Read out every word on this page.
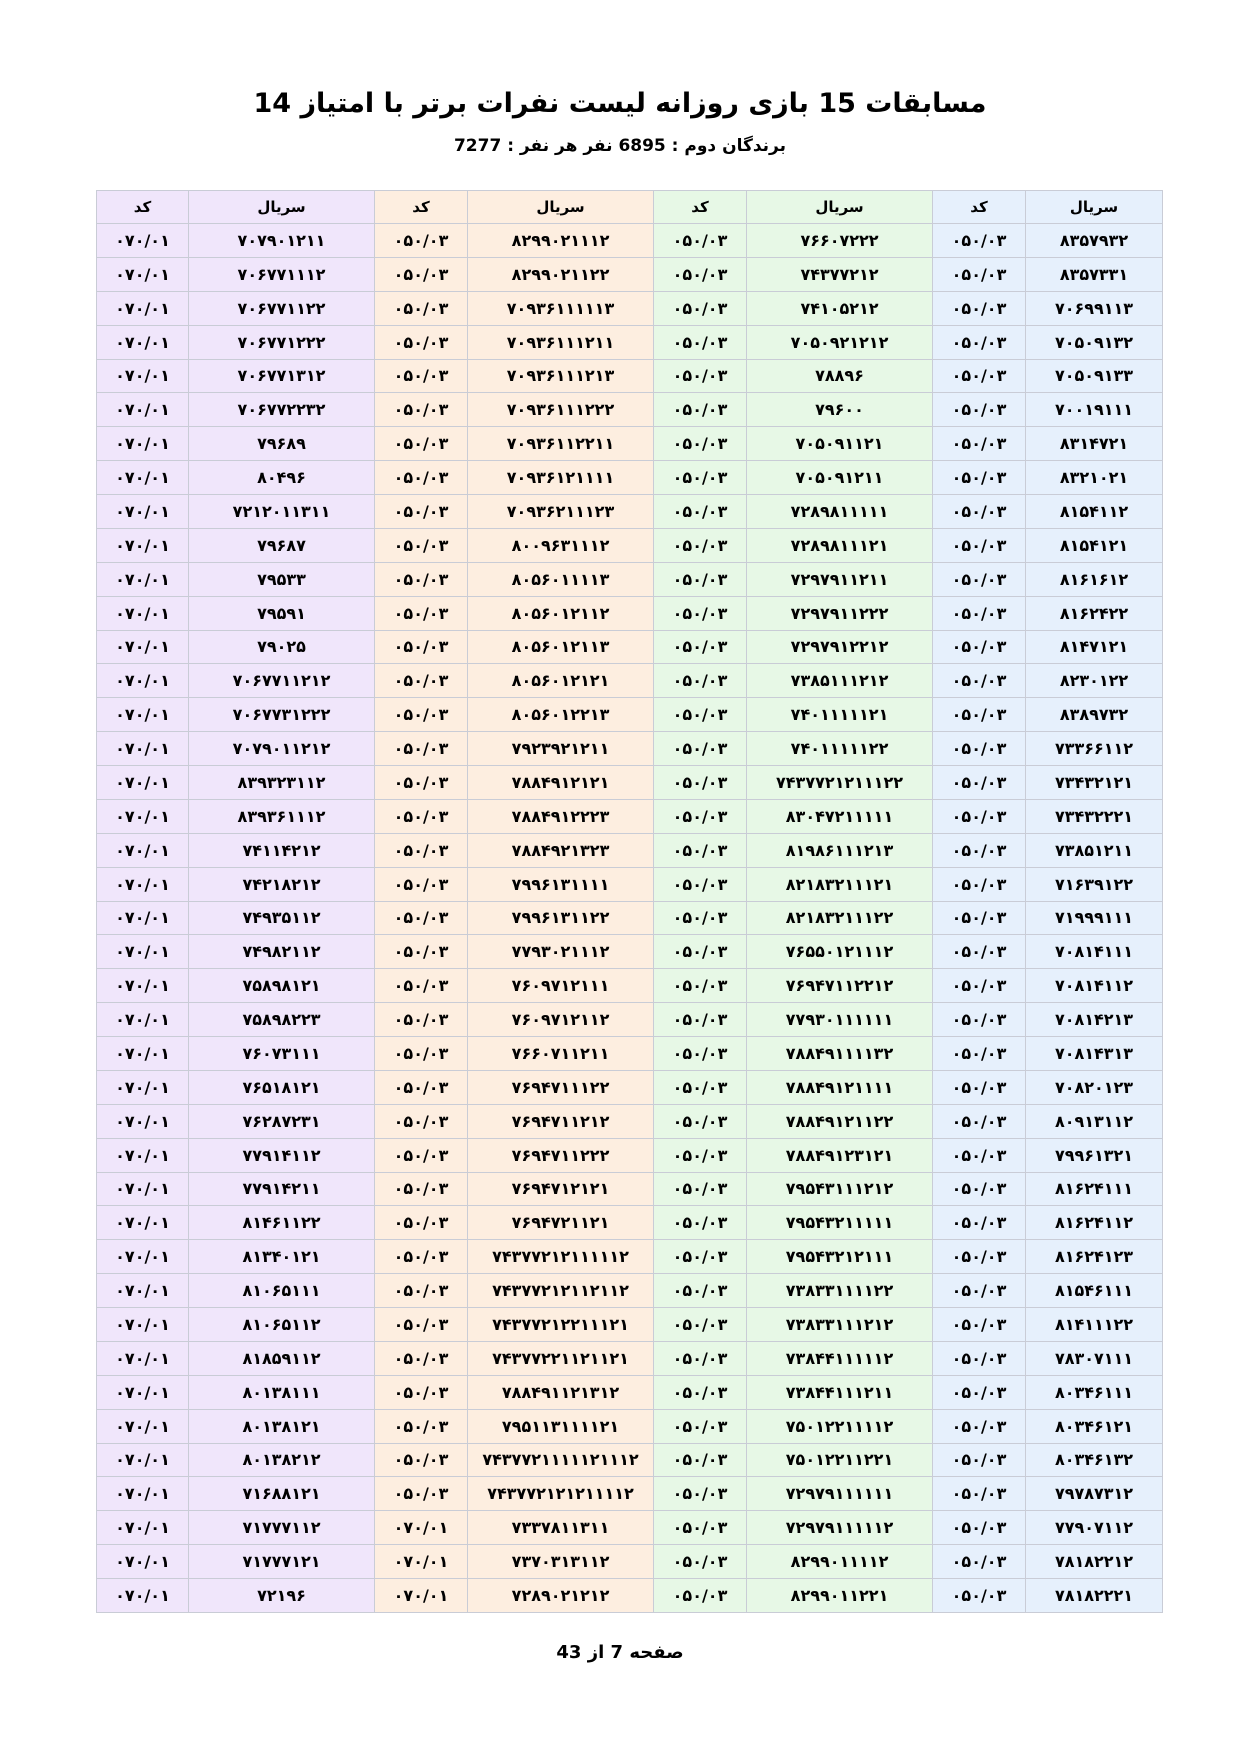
مسابقات 15 بازی روزانه لیست نفرات برتر با امتیاز 14
برندگان دوم : 6895 نفر هر نفر : 7277
سریال
۸۳۵۷۹۳۲
۸۳۵۷۳۳۱
۷۰۶۹۹۱۱۳
۷۰۵۰۹۱۳۲
۷۰۵۰۹۱۳۳
۷۰۰۱۹۱۱۱
۸۳۱۴۷۲۱
۸۳۲۱۰۲۱
۸۱۵۴۱۱۲
۸۱۵۴۱۲۱
۸۱۶۱۶۱۲
۸۱۶۲۴۲۲
۸۱۴۷۱۲۱
۸۲۳۰۱۲۲
۸۳۸۹۷۳۲
۷۳۳۶۶۱۱۲
۷۳۴۳۲۱۲۱
۷۳۴۳۲۲۲۱
۷۳۸۵۱۲۱۱
۷۱۶۳۹۱۲۲
۷۱۹۹۹۱۱۱
۷۰۸۱۴۱۱۱
۷۰۸۱۴۱۱۲
۷۰۸۱۴۲۱۳
۷۰۸۱۴۳۱۳
۷۰۸۲۰۱۲۳
۸۰۹۱۳۱۱۲
۷۹۹۶۱۳۲۱
۸۱۶۲۴۱۱۱
۸۱۶۲۴۱۱۲
۸۱۶۲۴۱۲۳
۸۱۵۴۶۱۱۱
۸۱۴۱۱۱۲۲
۷۸۳۰۷۱۱۱
۸۰۳۴۶۱۱۱
۸۰۳۴۶۱۲۱
۸۰۳۴۶۱۳۲
۷۹۷۸۷۳۱۲
۷۷۹۰۷۱۱۲
۷۸۱۸۲۲۱۲
۷۸۱۸۲۲۲۱
کد
۰۵۰/۰۳
۰۵۰/۰۳
۰۵۰/۰۳
۰۵۰/۰۳
۰۵۰/۰۳
۰۵۰/۰۳
۰۵۰/۰۳
۰۵۰/۰۳
۰۵۰/۰۳
۰۵۰/۰۳
۰۵۰/۰۳
۰۵۰/۰۳
۰۵۰/۰۳
۰۵۰/۰۳
۰۵۰/۰۳
۰۵۰/۰۳
۰۵۰/۰۳
۰۵۰/۰۳
۰۵۰/۰۳
۰۵۰/۰۳
۰۵۰/۰۳
۰۵۰/۰۳
۰۵۰/۰۳
۰۵۰/۰۳
۰۵۰/۰۳
۰۵۰/۰۳
۰۵۰/۰۳
۰۵۰/۰۳
۰۵۰/۰۳
۰۵۰/۰۳
۰۵۰/۰۳
۰۵۰/۰۳
۰۵۰/۰۳
۰۵۰/۰۳
۰۵۰/۰۳
۰۵۰/۰۳
۰۵۰/۰۳
۰۵۰/۰۳
۰۵۰/۰۳
۰۵۰/۰۳
۰۵۰/۰۳
سریال
۷۶۶۰۷۲۲۲
۷۴۳۷۷۲۱۲
۷۴۱۰۵۲۱۲
۷۰۵۰۹۲۱۲۱۲
۷۸۸۹۶
۷۹۶۰۰
۷۰۵۰۹۱۱۲۱
۷۰۵۰۹۱۲۱۱
۷۲۸۹۸۱۱۱۱۱
۷۲۸۹۸۱۱۱۲۱
۷۲۹۷۹۱۱۲۱۱
۷۲۹۷۹۱۱۲۲۲
۷۲۹۷۹۱۲۲۱۲
۷۳۸۵۱۱۱۲۱۲
۷۴۰۱۱۱۱۱۲۱
۷۴۰۱۱۱۱۱۲۲
۷۴۳۷۷۲۱۲۱۱۱۲۲
۸۳۰۴۷۲۱۱۱۱۱
۸۱۹۸۶۱۱۱۲۱۳
۸۲۱۸۳۲۱۱۱۲۱
۸۲۱۸۳۲۱۱۱۲۲
۷۶۵۵۰۱۲۱۱۱۲
۷۶۹۴۷۱۱۲۲۱۲
۷۷۹۳۰۱۱۱۱۱۱
۷۸۸۴۹۱۱۱۱۳۲
۷۸۸۴۹۱۲۱۱۱۱
۷۸۸۴۹۱۲۱۱۲۲
۷۸۸۴۹۱۲۳۱۲۱
۷۹۵۴۳۱۱۱۲۱۲
۷۹۵۴۳۲۱۱۱۱۱
۷۹۵۴۳۲۱۲۱۱۱
۷۳۸۳۳۱۱۱۱۲۲
۷۳۸۳۳۱۱۱۲۱۲
۷۳۸۴۴۱۱۱۱۱۲
۷۳۸۴۴۱۱۱۲۱۱
۷۵۰۱۲۲۱۱۱۱۲
۷۵۰۱۲۲۱۱۲۲۱
۷۲۹۷۹۱۱۱۱۱۱
۷۲۹۷۹۱۱۱۱۱۲
۸۲۹۹۰۱۱۱۱۲
۸۲۹۹۰۱۱۲۲۱
کد
۰۵۰/۰۳
۰۵۰/۰۳
۰۵۰/۰۳
۰۵۰/۰۳
۰۵۰/۰۳
۰۵۰/۰۳
۰۵۰/۰۳
۰۵۰/۰۳
۰۵۰/۰۳
۰۵۰/۰۳
۰۵۰/۰۳
۰۵۰/۰۳
۰۵۰/۰۳
۰۵۰/۰۳
۰۵۰/۰۳
۰۵۰/۰۳
۰۵۰/۰۳
۰۵۰/۰۳
۰۵۰/۰۳
۰۵۰/۰۳
۰۵۰/۰۳
۰۵۰/۰۳
۰۵۰/۰۳
۰۵۰/۰۳
۰۵۰/۰۳
۰۵۰/۰۳
۰۵۰/۰۳
۰۵۰/۰۳
۰۵۰/۰۳
۰۵۰/۰۳
۰۵۰/۰۳
۰۵۰/۰۳
۰۵۰/۰۳
۰۵۰/۰۳
۰۵۰/۰۳
۰۵۰/۰۳
۰۵۰/۰۳
۰۵۰/۰۳
۰۵۰/۰۳
۰۵۰/۰۳
۰۵۰/۰۳
سریال
۸۲۹۹۰۲۱۱۱۲
۸۲۹۹۰۲۱۱۲۲
۷۰۹۳۶۱۱۱۱۱۳
۷۰۹۳۶۱۱۱۲۱۱
۷۰۹۳۶۱۱۱۲۱۳
۷۰۹۳۶۱۱۱۲۲۲
۷۰۹۳۶۱۱۲۲۱۱
۷۰۹۳۶۱۲۱۱۱۱
۷۰۹۳۶۲۱۱۱۲۳
۸۰۰۹۶۳۱۱۱۲
۸۰۵۶۰۱۱۱۱۳
۸۰۵۶۰۱۲۱۱۲
۸۰۵۶۰۱۲۱۱۳
۸۰۵۶۰۱۲۱۲۱
۸۰۵۶۰۱۲۲۱۳
۷۹۲۳۹۲۱۲۱۱
۷۸۸۴۹۱۲۱۲۱
۷۸۸۴۹۱۲۲۲۳
۷۸۸۴۹۲۱۳۲۳
۷۹۹۶۱۳۱۱۱۱
۷۹۹۶۱۳۱۱۲۲
۷۷۹۳۰۲۱۱۱۲
۷۶۰۹۷۱۲۱۱۱
۷۶۰۹۷۱۲۱۱۲
۷۶۶۰۷۱۱۲۱۱
۷۶۹۴۷۱۱۱۲۲
۷۶۹۴۷۱۱۲۱۲
۷۶۹۴۷۱۱۲۲۲
۷۶۹۴۷۱۲۱۲۱
۷۶۹۴۷۲۱۱۲۱
۷۴۳۷۷۲۱۲۱۱۱۱۱۲
۷۴۳۷۷۲۱۲۱۱۲۱۱۲
۷۴۳۷۷۲۱۲۲۱۱۱۲۱
۷۴۳۷۷۲۲۱۱۲۱۱۲۱
۷۸۸۴۹۱۱۲۱۳۱۲
۷۹۵۱۱۳۱۱۱۱۲۱
۷۴۳۷۷۲۱۱۱۱۱۲۱۱۱۲
۷۴۳۷۷۲۱۲۱۲۱۱۱۱۲
۷۳۳۷۸۱۱۳۱۱
۷۳۷۰۳۱۳۱۱۲
۷۲۸۹۰۲۱۲۱۲
کد
۰۵۰/۰۳
۰۵۰/۰۳
۰۵۰/۰۳
۰۵۰/۰۳
۰۵۰/۰۳
۰۵۰/۰۳
۰۵۰/۰۳
۰۵۰/۰۳
۰۵۰/۰۳
۰۵۰/۰۳
۰۵۰/۰۳
۰۵۰/۰۳
۰۵۰/۰۳
۰۵۰/۰۳
۰۵۰/۰۳
۰۵۰/۰۳
۰۵۰/۰۳
۰۵۰/۰۳
۰۵۰/۰۳
۰۵۰/۰۳
۰۵۰/۰۳
۰۵۰/۰۳
۰۵۰/۰۳
۰۵۰/۰۳
۰۵۰/۰۳
۰۵۰/۰۳
۰۵۰/۰۳
۰۵۰/۰۳
۰۵۰/۰۳
۰۵۰/۰۳
۰۵۰/۰۳
۰۵۰/۰۳
۰۵۰/۰۳
۰۵۰/۰۳
۰۵۰/۰۳
۰۵۰/۰۳
۰۵۰/۰۳
۰۵۰/۰۳
۰۷۰/۰۱
۰۷۰/۰۱
۰۷۰/۰۱
سریال
۷۰۷۹۰۱۲۱۱
۷۰۶۷۷۱۱۱۲
۷۰۶۷۷۱۱۲۲
۷۰۶۷۷۱۲۲۲
۷۰۶۷۷۱۳۱۲
۷۰۶۷۷۲۲۳۲
۷۹۶۸۹
۸۰۴۹۶
۷۲۱۲۰۱۱۳۱۱
۷۹۶۸۷
۷۹۵۳۳
۷۹۵۹۱
۷۹۰۲۵
۷۰۶۷۷۱۱۲۱۲
۷۰۶۷۷۳۱۲۲۲
۷۰۷۹۰۱۱۲۱۲
۸۳۹۳۲۳۱۱۲
۸۳۹۳۶۱۱۱۲
۷۴۱۱۴۲۱۲
۷۴۲۱۸۲۱۲
۷۴۹۳۵۱۱۲
۷۴۹۸۲۱۱۲
۷۵۸۹۸۱۲۱
۷۵۸۹۸۲۲۳
۷۶۰۷۳۱۱۱
۷۶۵۱۸۱۲۱
۷۶۲۸۷۲۳۱
۷۷۹۱۴۱۱۲
۷۷۹۱۴۲۱۱
۸۱۴۶۱۱۲۲
۸۱۳۴۰۱۲۱
۸۱۰۶۵۱۱۱
۸۱۰۶۵۱۱۲
۸۱۸۵۹۱۱۲
۸۰۱۳۸۱۱۱
۸۰۱۳۸۱۲۱
۸۰۱۳۸۲۱۲
۷۱۶۸۸۱۲۱
۷۱۷۷۷۱۱۲
۷۱۷۷۷۱۲۱
۷۲۱۹۶
کد
۰۷۰/۰۱
۰۷۰/۰۱
۰۷۰/۰۱
۰۷۰/۰۱
۰۷۰/۰۱
۰۷۰/۰۱
۰۷۰/۰۱
۰۷۰/۰۱
۰۷۰/۰۱
۰۷۰/۰۱
۰۷۰/۰۱
۰۷۰/۰۱
۰۷۰/۰۱
۰۷۰/۰۱
۰۷۰/۰۱
۰۷۰/۰۱
۰۷۰/۰۱
۰۷۰/۰۱
۰۷۰/۰۱
۰۷۰/۰۱
۰۷۰/۰۱
۰۷۰/۰۱
۰۷۰/۰۱
۰۷۰/۰۱
۰۷۰/۰۱
۰۷۰/۰۱
۰۷۰/۰۱
۰۷۰/۰۱
۰۷۰/۰۱
۰۷۰/۰۱
۰۷۰/۰۱
۰۷۰/۰۱
۰۷۰/۰۱
۰۷۰/۰۱
۰۷۰/۰۱
۰۷۰/۰۱
۰۷۰/۰۱
۰۷۰/۰۱
۰۷۰/۰۱
۰۷۰/۰۱
۰۷۰/۰۱
صفحه 7 از 43
